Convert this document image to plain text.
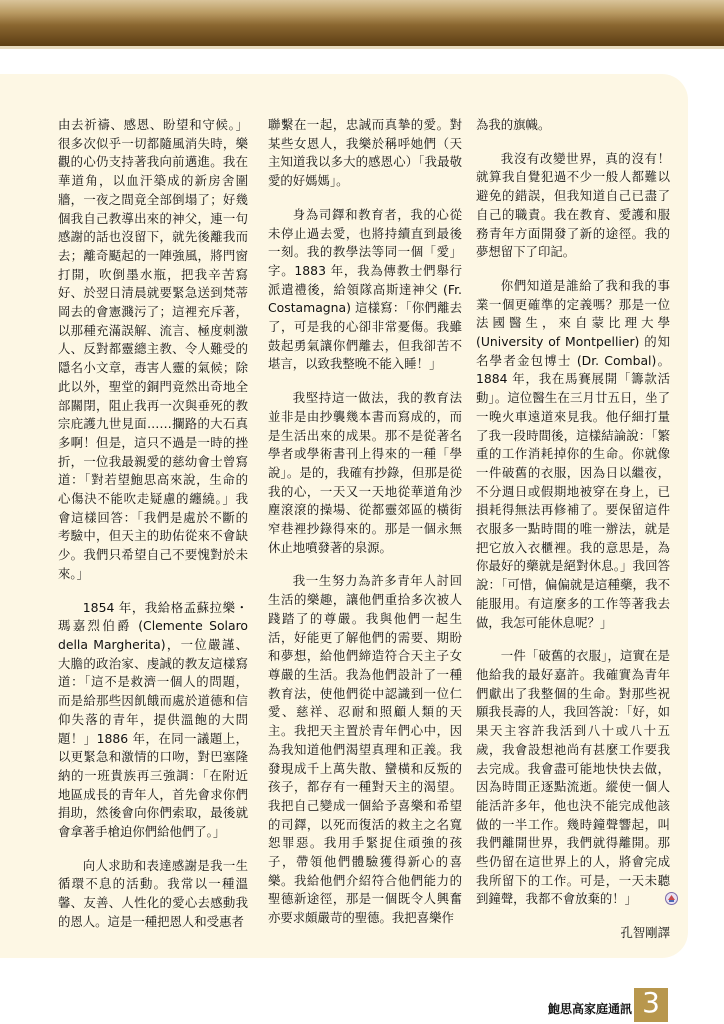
由去祈禱、感恩、盼望和守候。」很多次似乎一切都隨風消失時，樂觀的心仍支持著我向前邁進。我在華道角，以血汗築成的新房舍圍牆，一夜之間竟全部倒塌了；好幾個我自己教導出來的神父，連一句感謝的話也沒留下，就先後離我而去；離奇颳起的一陣強風，將門窗打開，吹倒墨水瓶，把我辛苦寫好、於翌日清晨就要緊急送到梵蒂岡去的會憲濺污了；這裡充斥著，以那種充滿誤解、流言、極度刺激人、反對都靈總主教、令人難受的隱名小文章，毒害人靈的氣候；除此以外，聖堂的銅門竟然出奇地全部關閉，阻止我再一次與垂死的教宗庇護九世見面……攔路的大石真多啊！但是，這只不過是一時的挫折，一位我最親愛的慈幼會士曾寫道：「對若望鮑思高來說，生命的心傷決不能吹走疑慮的纏繞。」我會這樣回答：「我們是處於不斷的考驗中，但天主的助佑從來不會缺少。我們只希望自己不要愧對於未來。」

1854 年，我給格孟蘇拉樂・瑪嘉烈伯爵 (Clemente Solaro della Margherita)，一位嚴謹、大膽的政治家、虔誠的教友這樣寫道：「這不是救濟一個人的問題，而是給那些因飢餓而處於道德和信仰失落的青年，提供溫飽的大問題！」1886 年，在同一議題上，以更緊急和激情的口吻，對巴塞隆納的一班貴族再三強調：「在附近地區成長的青年人，首先會求你們捐助，然後會向你們索取，最後就會拿著手槍迫你們給他們了。」

向人求助和表達感謝是我一生循環不息的活動。我常以一種溫馨、友善、人性化的愛心去感動我的恩人。這是一種把恩人和受惠者

聯繫在一起，忠誠而真摯的愛。對某些女恩人，我樂於稱呼她們（天主知道我以多大的感恩心）「我最敬愛的好媽媽」。

身為司鐸和教育者，我的心從未停止過去愛，也將持續直到最後一刻。我的教學法等同一個「愛」字。1883 年，我為傳教士們舉行派遣禮後，給領隊高斯達神父 (Fr. Costamagna) 這樣寫：「你們離去了，可是我的心卻非常憂傷。我雖鼓起勇氣讓你們離去，但我卻苦不堪言，以致我整晚不能入睡！」

我堅持這一做法，我的教育法並非是由抄襲幾本書而寫成的，而是生活出來的成果。那不是從著名學者或學術書刊上得來的一種「學說」。是的，我確有抄錄，但那是從我的心，一天又一天地從華道角沙塵滾滾的操場、從都靈郊區的橫街窄巷裡抄錄得來的。那是一個永無休止地噴發著的泉源。

我一生努力為許多青年人討回生活的樂趣，讓他們重拾多次被人踐踏了的尊嚴。我與他們一起生活，好能更了解他們的需要、期盼和夢想，給他們締造符合天主子女尊嚴的生活。我為他們設計了一種教育法，使他們從中認識到一位仁愛、慈祥、忍耐和照顧人類的天主。我把天主置於青年們心中，因為我知道他們渴望真理和正義。我發現成千上萬失散、蠻橫和反叛的孩子，都存有一種對天主的渴望。我把自己變成一個給予喜樂和希望的司鐸，以死而復活的救主之名寬恕罪惡。我用手緊捉住頑強的孩子，帶領他們體驗獲得新心的喜樂。我給他們介紹符合他們能力的聖德新途徑，那是一個既令人興奮亦要求頗嚴苛的聖德。我把喜樂作

為我的旗幟。

我沒有改變世界，真的沒有！就算我自覺犯過不少一般人都難以避免的錯誤，但我知道自己已盡了自己的職責。我在教育、愛護和服務青年方面開發了新的途徑。我的夢想留下了印記。

你們知道是誰給了我和我的事業一個更確準的定義嗎？那是一位法國醫生，來自蒙比理大學 (University of Montpellier) 的知名學者金包博士 (Dr. Combal)。1884 年，我在馬賽展開「籌款活動」。這位醫生在三月廿五日，坐了一晚火車遠道來見我。他仔細打量了我一段時間後，這樣結論說：「繁重的工作消耗掉你的生命。你就像一件破舊的衣服，因為日以繼夜，不分週日或假期地被穿在身上，已損耗得無法再修補了。要保留這件衣服多一點時間的唯一辦法，就是把它放入衣櫃裡。我的意思是，為你最好的藥就是絕對休息。」我回答說：「可惜，偏偏就是這種藥，我不能服用。有這麼多的工作等著我去做，我怎可能休息呢？」

一件「破舊的衣服」，這實在是他給我的最好嘉許。我確實為青年們獻出了我整個的生命。對那些祝願我長壽的人，我回答說：「好，如果天主容許我活到八十或八十五歲，我會設想祂尚有甚麼工作要我去完成。我會盡可能地快快去做，因為時間正逐點流逝。縱使一個人能活許多年，他也決不能完成他該做的一半工作。幾時鐘聲響起，叫我們離開世界，我們就得離開。那些仍留在這世界上的人，將會完成我所留下的工作。可是，一天未聽到鐘聲，我都不會放棄的！」

孔智剛譯

鮑思高家庭通訊 3
